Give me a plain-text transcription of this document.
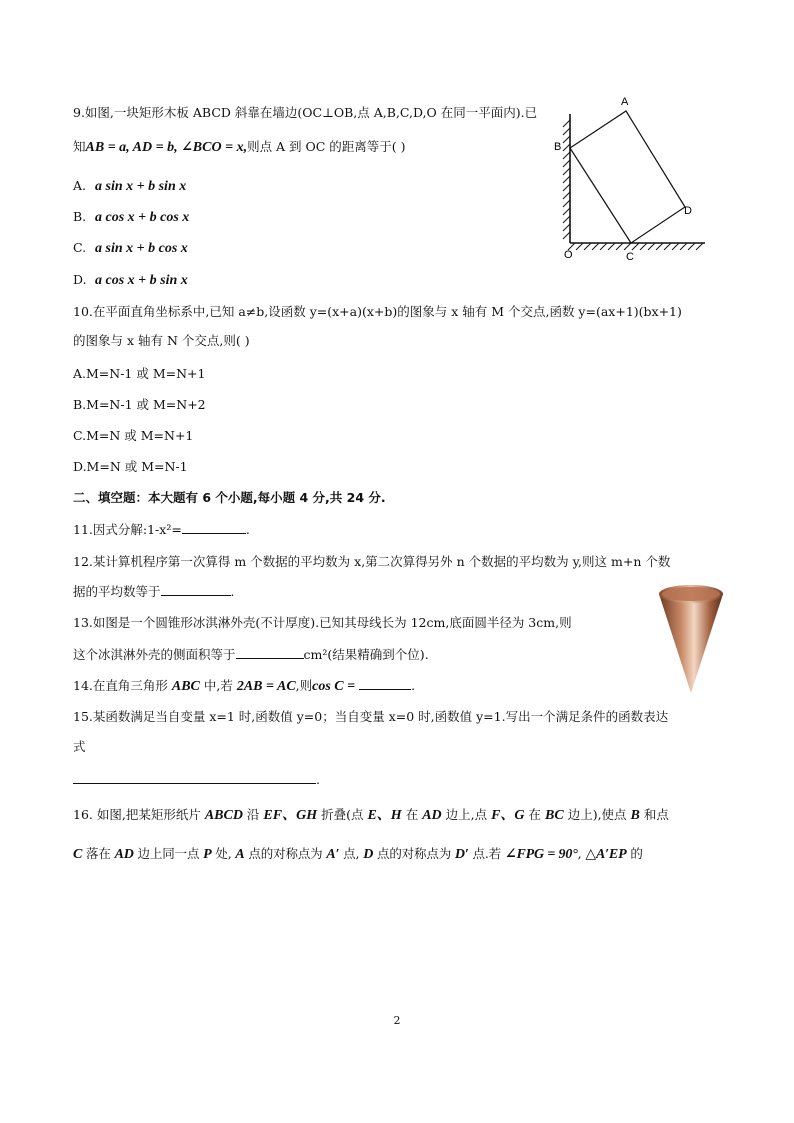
9.如图,一块矩形木板 ABCD 斜靠在墙边(OC⊥OB,点 A,B,C,D,O 在同一平面内).已
知AB = a, AD = b, ∠BCO = x,则点 A 到 OC 的距离等于( )
A. a sin x + b sin x
B. a cos x + b cos x
C. a sin x + b cos x
D. a cos x + b sin x
A
B
D
O	C
10.在平面直角坐标系中,已知 a≠b,设函数 y=(x+a)(x+b)的图象与 x 轴有 M 个交点,函数 y=(ax+1)(bx+1)
的图象与 x 轴有 N 个交点,则( )
A.M=N-1 或 M=N+1
B.M=N-1 或 M=N+2
C.M=N 或 M=N+1
D.M=N 或 M=N-1
二、填空题：本大题有 6 个小题,每小题 4 分,共 24 分.
11.因式分解:1-x²=	.
12.某计算机程序第一次算得 m 个数据的平均数为 x,第二次算得另外 n 个数据的平均数为 y,则这 m+n 个数
据的平均数等于	.
13.如图是一个圆锥形冰淇淋外壳(不计厚度).已知其母线长为 12cm,底面圆半径为 3cm,则
这个冰淇淋外壳的侧面积等于	cm²(结果精确到个位).
14.在直角三角形 ABC 中,若 2AB = AC,则cos C =	.
15.某函数满足当自变量 x=1 时,函数值 y=0；当自变量 x=0 时,函数值 y=1.写出一个满足条件的函数表达
式
.
16. 如图,把某矩形纸片 ABCD 沿 EF、GH 折叠(点 E、H 在 AD 边上,点 F、G 在 BC 边上),使点 B 和点
C 落在 AD 边上同一点 P 处, A 点的对称点为 A′ 点, D 点的对称点为 D′ 点.若 ∠FPG = 90°, △A′EP 的
2
